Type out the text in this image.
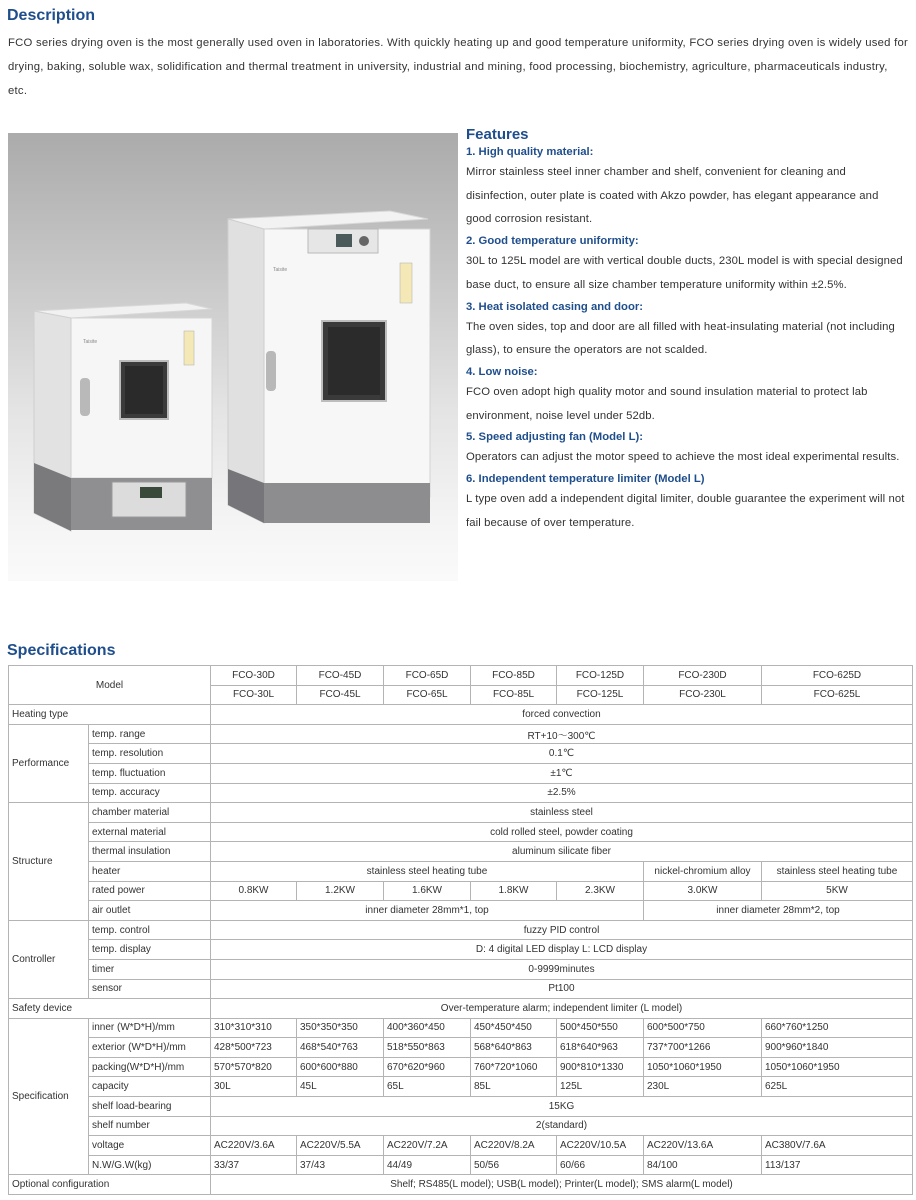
Description
FCO series drying oven is the most generally used oven in laboratories. With quickly heating up and good temperature uniformity, FCO series drying oven is widely used for drying, baking, soluble wax, solidification and thermal treatment in university, industrial and mining, food processing, biochemistry, agriculture, pharmaceuticals industry, etc.
Taisite
Taisite
Features
1. High quality material:
Mirror stainless steel inner chamber and shelf, convenient for cleaning and disinfection, outer plate is coated with Akzo powder, has elegant appearance and good corrosion resistant.
2. Good temperature uniformity:
30L to 125L model are with vertical double ducts, 230L model is with special designed base duct, to ensure all size chamber temperature uniformity within ±2.5%.
3. Heat isolated casing and door:
The oven sides, top and door are all filled with heat-insulating material (not including glass), to ensure the operators are not scalded.
4. Low noise:
FCO oven adopt high quality motor and sound insulation material to protect lab environment, noise level under 52db.
5. Speed adjusting fan (Model L):
Operators can adjust the motor speed to achieve the most ideal experimental results.
6. Independent temperature limiter (Model L)
L type oven add a independent digital limiter, double guarantee the experiment will not fail because of over temperature.
Specifications
Model		FCO-30D	FCO-45D	FCO-65D	FCO-85D	FCO-125D	FCO-230D	FCO-625D
		FCO-30L	FCO-45L	FCO-65L	FCO-85L	FCO-125L	FCO-230L	FCO-625L
Heating type		forced convection						
Performance	temp. range	RT+10～300℃						
	temp. resolution	0.1℃						
	temp. fluctuation	±1℃						
	temp. accuracy	±2.5%						
Structure	chamber material	stainless steel						
	external material	cold rolled steel, powder coating						
	thermal insulation	aluminum silicate fiber						
	heater	stainless steel heating tube					nickel-chromium alloy	stainless steel heating tube
	rated power	0.8KW	1.2KW	1.6KW	1.8KW	2.3KW	3.0KW	5KW
	air outlet	inner diameter 28mm*1, top					inner diameter 28mm*2, top	
Controller	temp. control	fuzzy PID control						
	temp. display	D: 4 digital LED display L: LCD display						
	timer	0-9999minutes						
	sensor	Pt100						
Safety device		Over-temperature alarm; independent limiter (L model)						
Specification	inner (W*D*H)/mm	310*310*310	350*350*350	400*360*450	450*450*450	500*450*550	600*500*750	660*760*1250
	exterior (W*D*H)/mm	428*500*723	468*540*763	518*550*863	568*640*863	618*640*963	737*700*1266	900*960*1840
	packing(W*D*H)/mm	570*570*820	600*600*880	670*620*960	760*720*1060	900*810*1330	1050*1060*1950	1050*1060*1950
	capacity	30L	45L	65L	85L	125L	230L	625L
	shelf load-bearing	15KG						
	shelf number	2(standard)						
	voltage	AC220V/3.6A	AC220V/5.5A	AC220V/7.2A	AC220V/8.2A	AC220V/10.5A	AC220V/13.6A	AC380V/7.6A
	N.W/G.W(kg)	33/37	37/43	44/49	50/56	60/66	84/100	113/137
Optional configuration		Shelf; RS485(L model); USB(L model); Printer(L model); SMS alarm(L model)						
